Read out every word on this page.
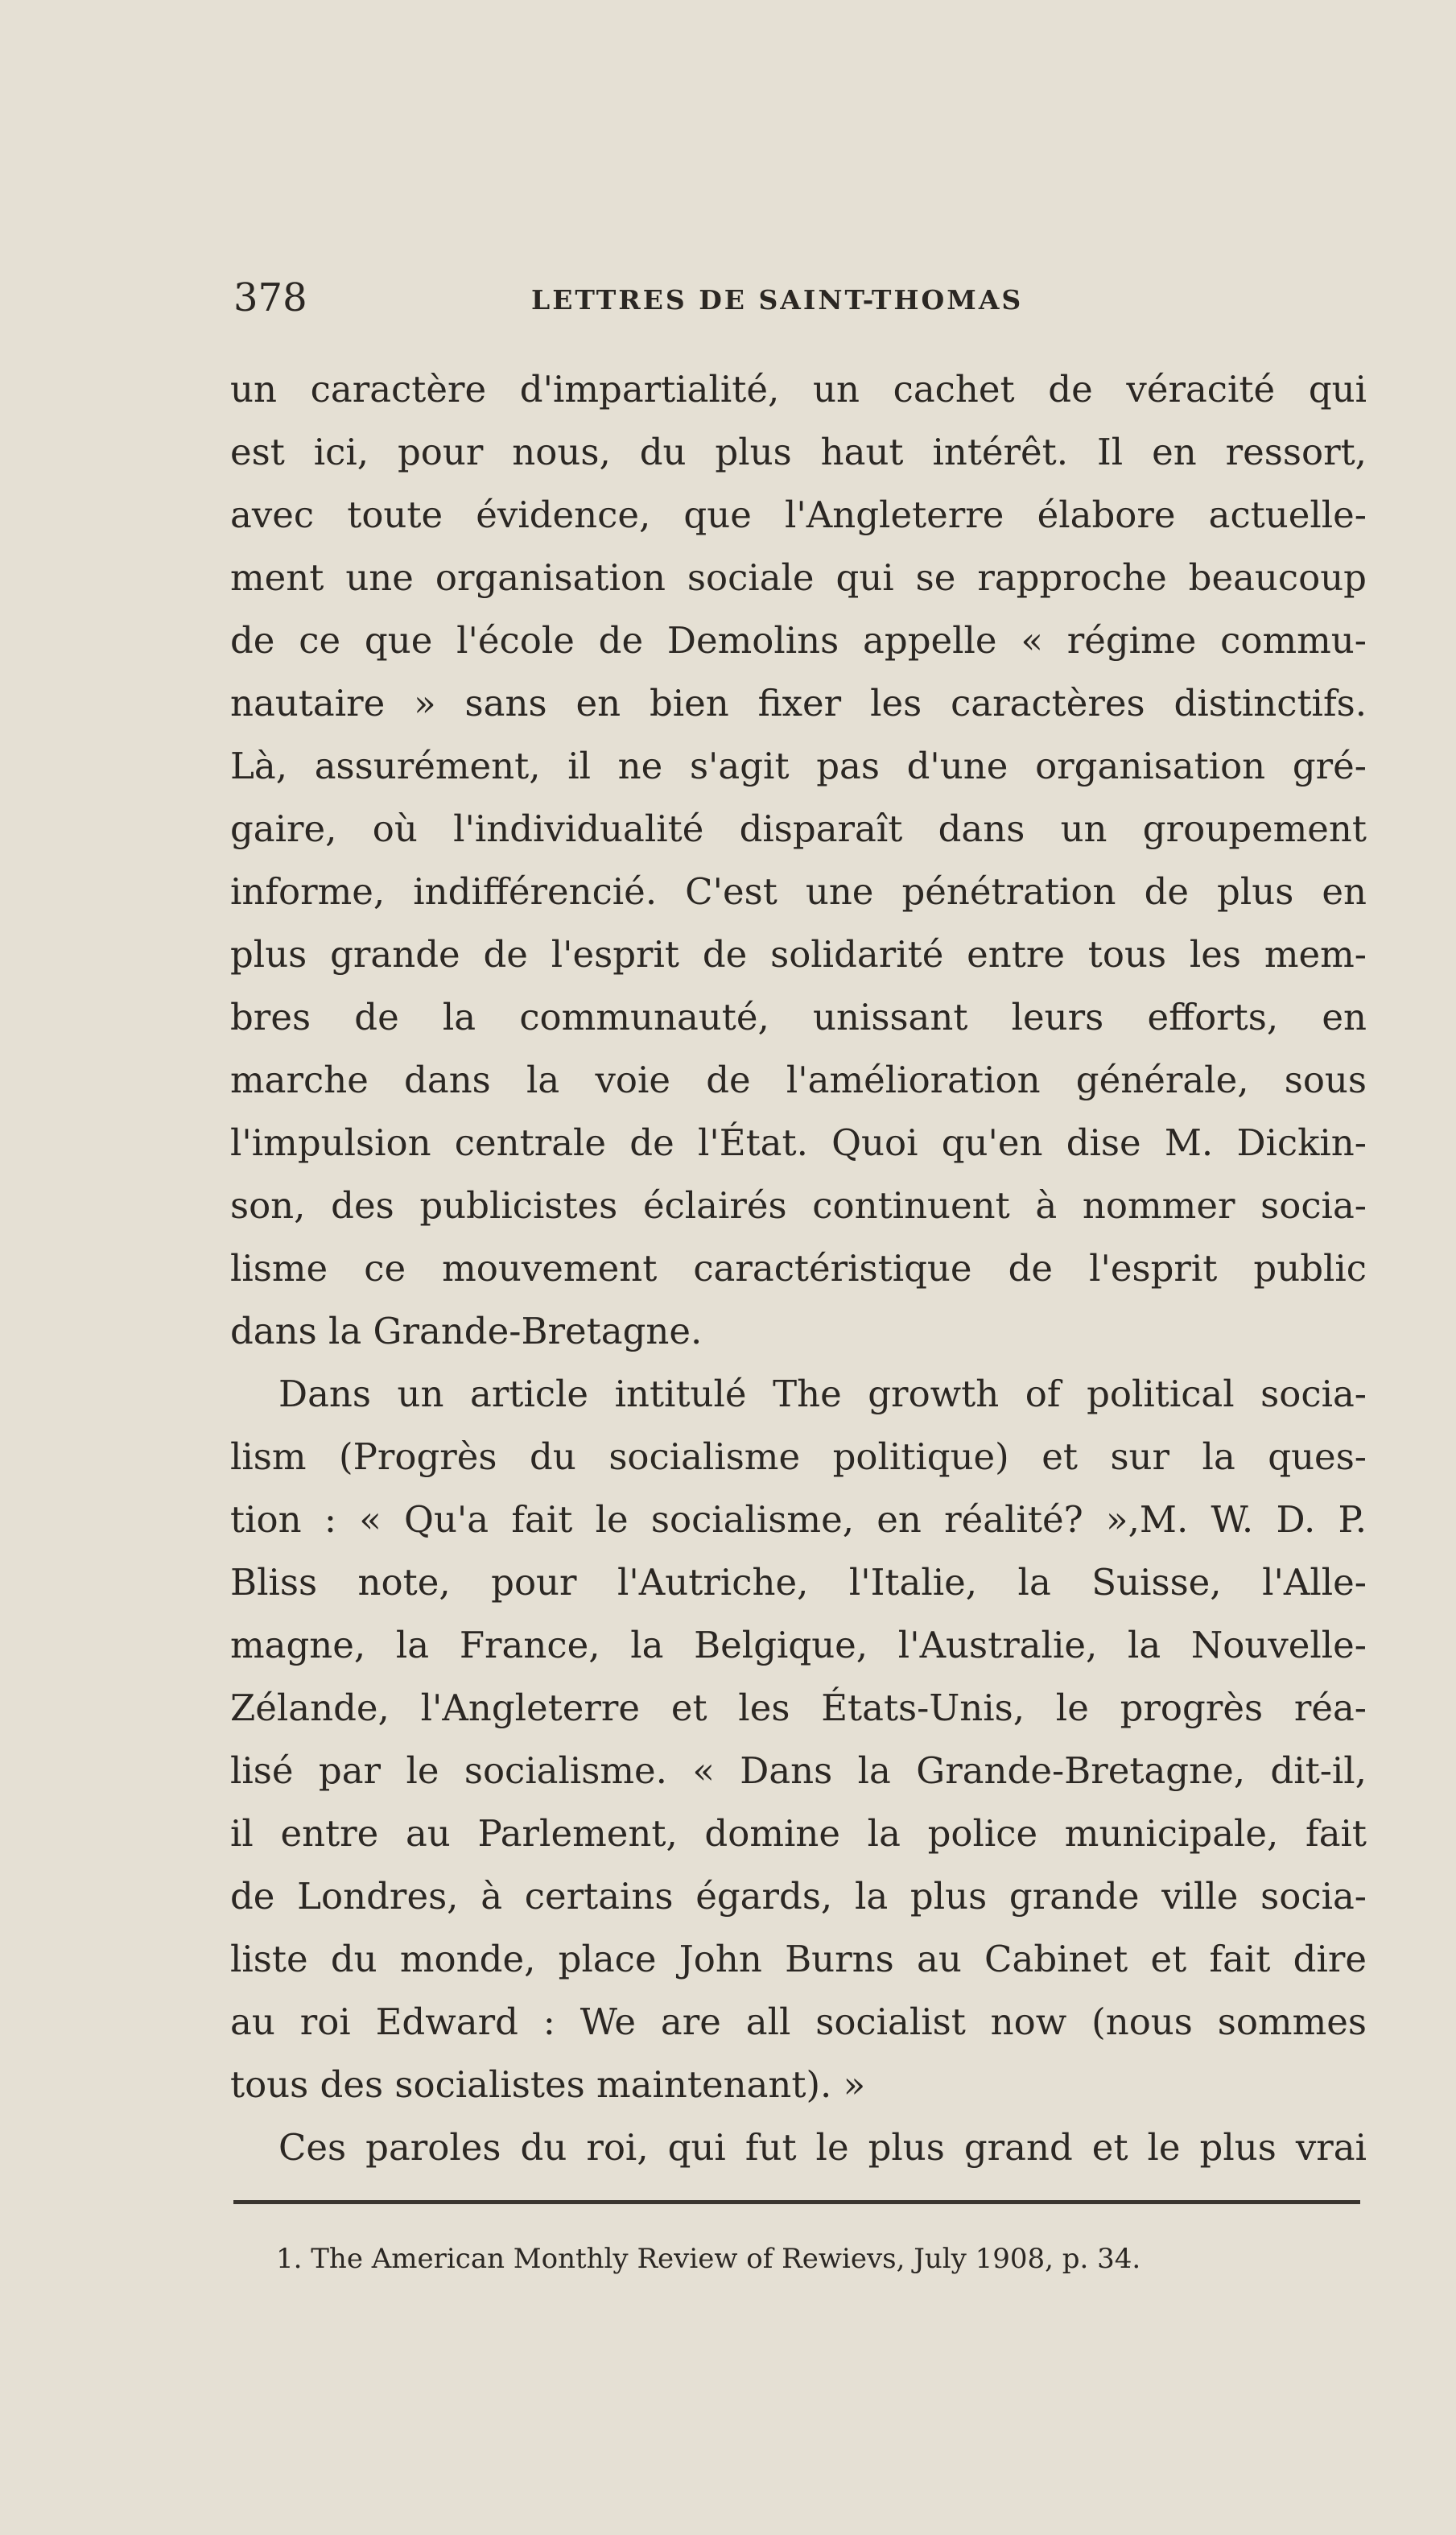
378	LETTRES DE SAINT-THOMAS
un caractère d'impartialité, un cachet de véracité qui
est ici, pour nous, du plus haut intérêt. Il en ressort,
avec toute évidence, que l'Angleterre élabore actuelle-
ment une organisation sociale qui se rapproche beaucoup
de ce que l'école de Demolins appelle « régime commu-
nautaire » sans en bien fixer les caractères distinctifs.
Là, assurément, il ne s'agit pas d'une organisation gré-
gaire, où l'individualité disparaît dans un groupement
informe, indifférencié. C'est une pénétration de plus en
plus grande de l'esprit de solidarité entre tous les mem-
bres de la communauté, unissant leurs efforts, en
marche dans la voie de l'amélioration générale, sous
l'impulsion centrale de l'État. Quoi qu'en dise M. Dickin-
son, des publicistes éclairés continuent à nommer socia-
lisme ce mouvement caractéristique de l'esprit public
dans la Grande-Bretagne.
Dans un article intitulé The growth of political socia-
lism (Progrès du socialisme politique) et sur la ques-
tion : « Qu'a fait le socialisme, en réalité? »,M. W. D. P.
Bliss note, pour l'Autriche, l'Italie, la Suisse, l'Alle-
magne, la France, la Belgique, l'Australie, la Nouvelle-
Zélande, l'Angleterre et les États-Unis, le progrès réa-
lisé par le socialisme. « Dans la Grande-Bretagne, dit-il,
il entre au Parlement, domine la police municipale, fait
de Londres, à certains égards, la plus grande ville socia-
liste du monde, place John Burns au Cabinet et fait dire
au roi Edward : We are all socialist now (nous sommes
tous des socialistes maintenant). »
Ces paroles du roi, qui fut le plus grand et le plus vrai
1. The American Monthly Review of Rewievs, July 1908, p. 34.
